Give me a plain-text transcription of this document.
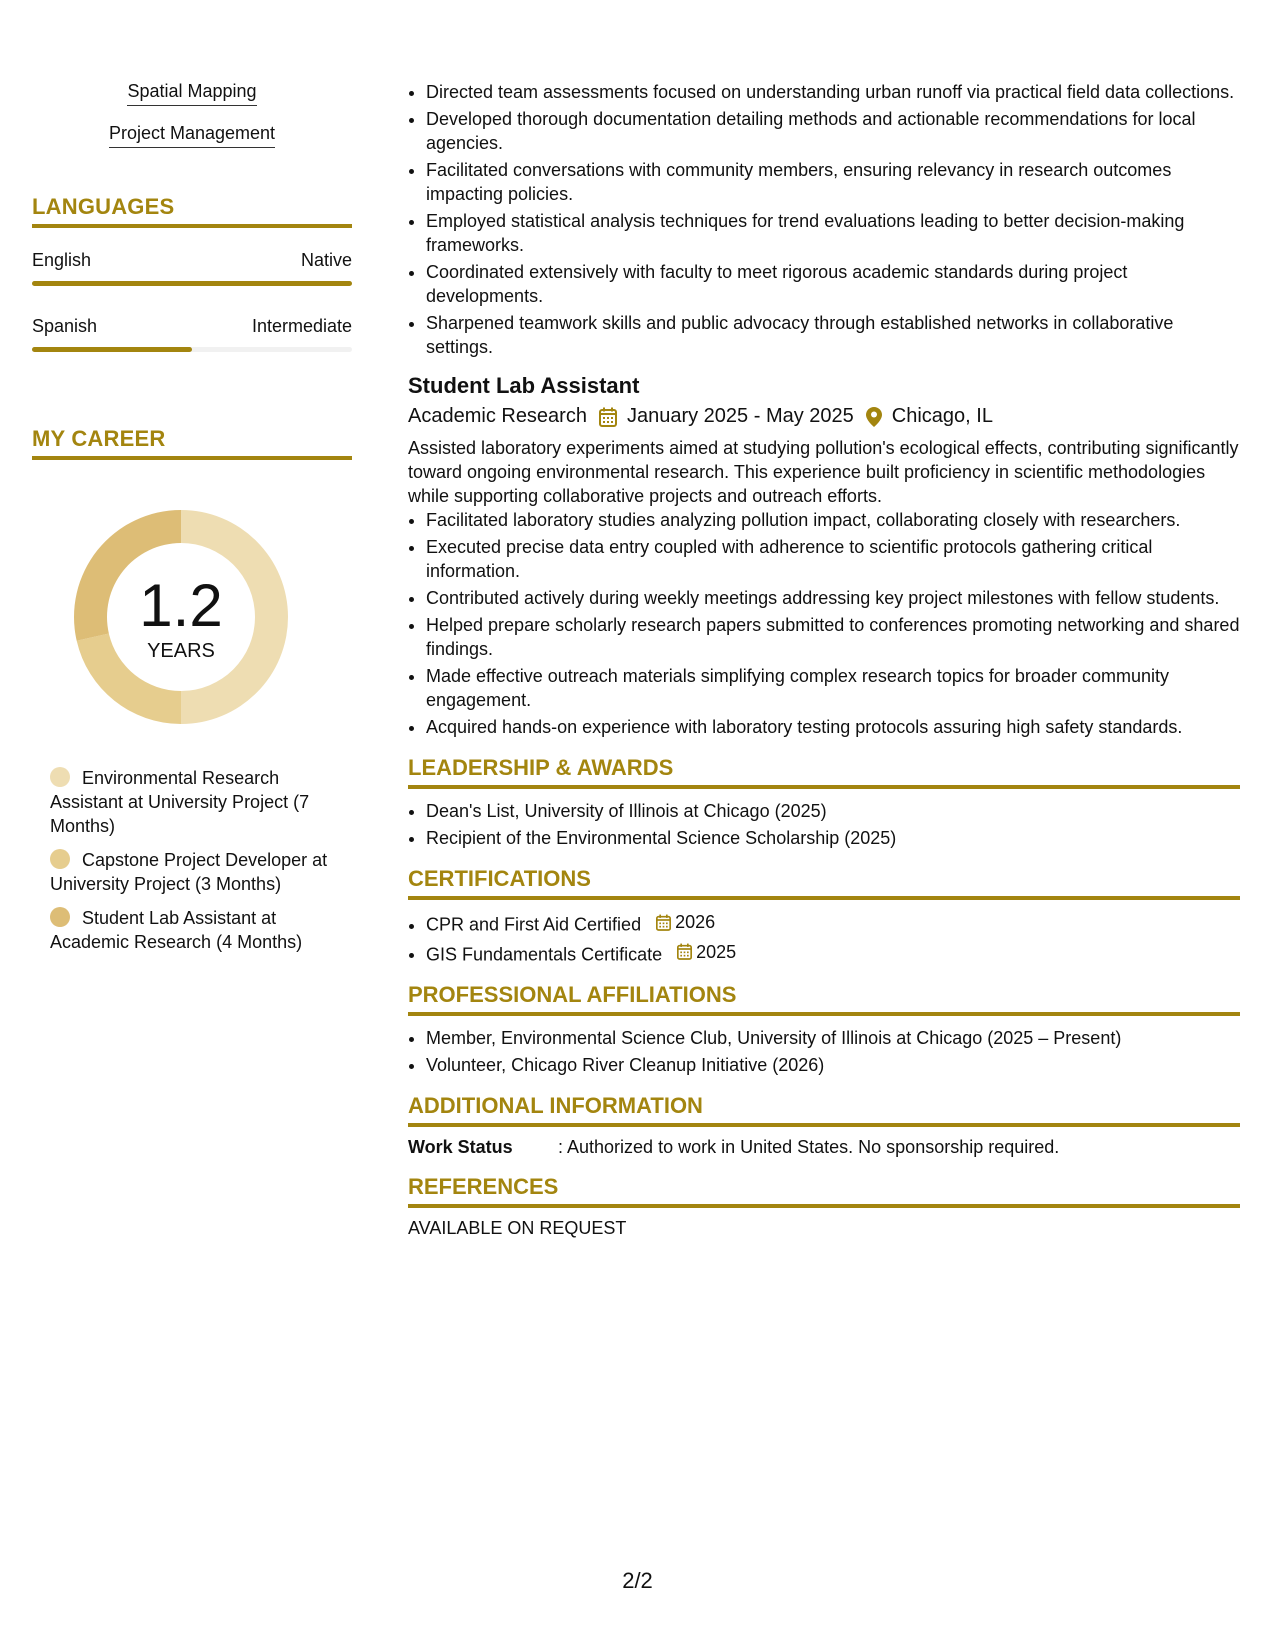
Spatial Mapping
Project Management
LANGUAGES
English	Native
Spanish	Intermediate
MY CAREER
1.2
YEARS
Environmental Research Assistant at University Project (7 Months)
Capstone Project Developer at University Project (3 Months)
Student Lab Assistant at Academic Research (4 Months)
• Directed team assessments focused on understanding urban runoff via practical field data collections.
• Developed thorough documentation detailing methods and actionable recommendations for local agencies.
• Facilitated conversations with community members, ensuring relevancy in research outcomes impacting policies.
• Employed statistical analysis techniques for trend evaluations leading to better decision-making frameworks.
• Coordinated extensively with faculty to meet rigorous academic standards during project developments.
• Sharpened teamwork skills and public advocacy through established networks in collaborative settings.
Student Lab Assistant
Academic Research January 2025 - May 2025 Chicago, IL
Assisted laboratory experiments aimed at studying pollution's ecological effects, contributing significantly toward ongoing environmental research. This experience built proficiency in scientific methodologies while supporting collaborative projects and outreach efforts.
• Facilitated laboratory studies analyzing pollution impact, collaborating closely with researchers.
• Executed precise data entry coupled with adherence to scientific protocols gathering critical information.
• Contributed actively during weekly meetings addressing key project milestones with fellow students.
• Helped prepare scholarly research papers submitted to conferences promoting networking and shared findings.
• Made effective outreach materials simplifying complex research topics for broader community engagement.
• Acquired hands-on experience with laboratory testing protocols assuring high safety standards.
LEADERSHIP & AWARDS
• Dean's List, University of Illinois at Chicago (2025)
• Recipient of the Environmental Science Scholarship (2025)
CERTIFICATIONS
• CPR and First Aid Certified 2026
• GIS Fundamentals Certificate 2025
PROFESSIONAL AFFILIATIONS
• Member, Environmental Science Club, University of Illinois at Chicago (2025 – Present)
• Volunteer, Chicago River Cleanup Initiative (2026)
ADDITIONAL INFORMATION
Work Status	: Authorized to work in United States. No sponsorship required.
REFERENCES
AVAILABLE ON REQUEST
2/2
